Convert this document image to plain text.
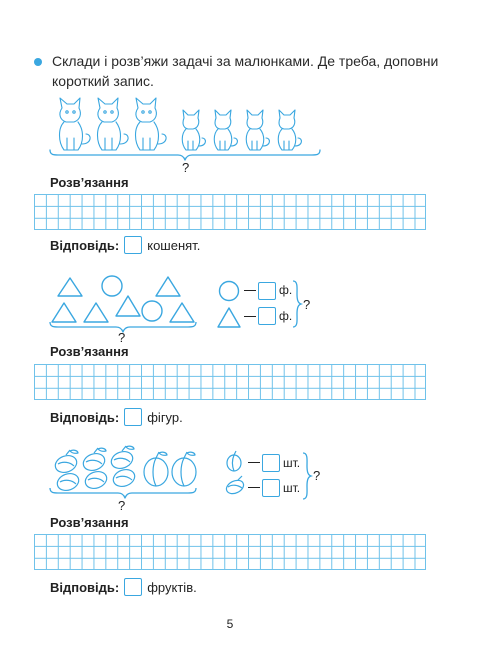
Склади і розв’яжи задачі за малюнками. Де треба, доповни короткий запис.
?
Розв’язання
Відповідь: кошенят.
?
ф.
ф.
?
Розв’язання
Відповідь: фігур.
?
шт.
шт.
?
Розв’язання
Відповідь: фруктів.
5
